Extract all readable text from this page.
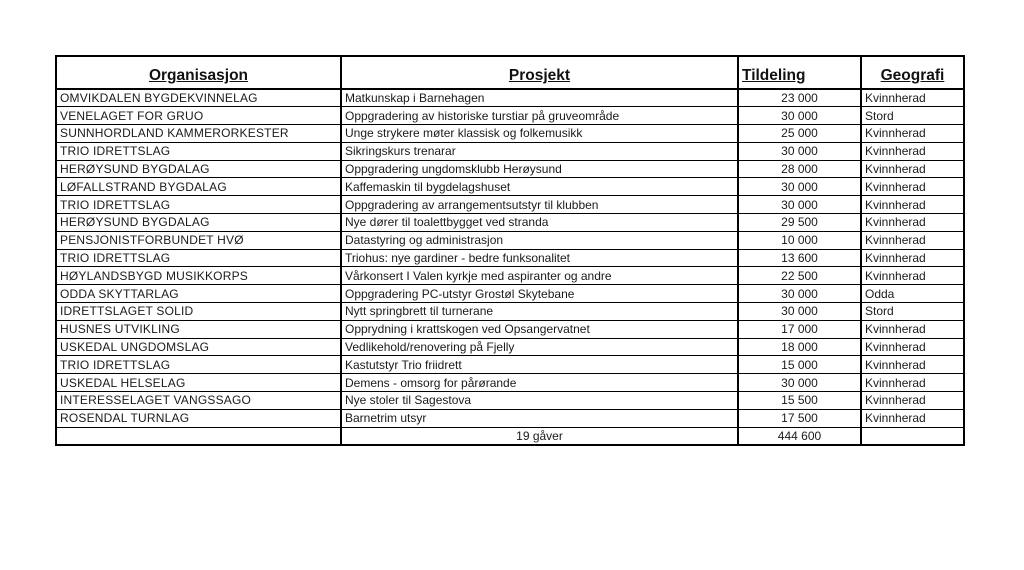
Organisasjon	Prosjekt	Tildeling	Geografi
OMVIKDALEN BYGDEKVINNELAG	Matkunskap i Barnehagen	23 000	Kvinnherad
VENELAGET FOR GRUO	Oppgradering av historiske turstiar på gruveområde	30 000	Stord
SUNNHORDLAND KAMMERORKESTER	Unge strykere møter klassisk og folkemusikk	25 000	Kvinnherad
TRIO IDRETTSLAG	Sikringskurs trenarar	30 000	Kvinnherad
HERØYSUND BYGDALAG	Oppgradering ungdomsklubb Herøysund	28 000	Kvinnherad
LØFALLSTRAND BYGDALAG	Kaffemaskin til bygdelagshuset	30 000	Kvinnherad
TRIO IDRETTSLAG	Oppgradering av arrangementsutstyr til klubben	30 000	Kvinnherad
HERØYSUND BYGDALAG	Nye dører til toalettbygget ved stranda	29 500	Kvinnherad
PENSJONISTFORBUNDET HVØ	Datastyring og administrasjon	10 000	Kvinnherad
TRIO IDRETTSLAG	Triohus: nye gardiner - bedre funksonalitet	13 600	Kvinnherad
HØYLANDSBYGD MUSIKKORPS	Vårkonsert I Valen kyrkje med aspiranter og andre	22 500	Kvinnherad
ODDA SKYTTARLAG	Oppgradering PC-utstyr Grostøl Skytebane	30 000	Odda
IDRETTSLAGET SOLID	Nytt springbrett til turnerane	30 000	Stord
HUSNES UTVIKLING	Opprydning i krattskogen ved Opsangervatnet	17 000	Kvinnherad
USKEDAL UNGDOMSLAG	Vedlikehold/renovering på Fjelly	18 000	Kvinnherad
TRIO IDRETTSLAG	Kastutstyr Trio friidrett	15 000	Kvinnherad
USKEDAL HELSELAG	Demens - omsorg for pårørande	30 000	Kvinnherad
INTERESSELAGET VANGSSAGO	Nye stoler til Sagestova	15 500	Kvinnherad
ROSENDAL TURNLAG	Barnetrim utsyr	17 500	Kvinnherad
	19 gåver	444 600	
